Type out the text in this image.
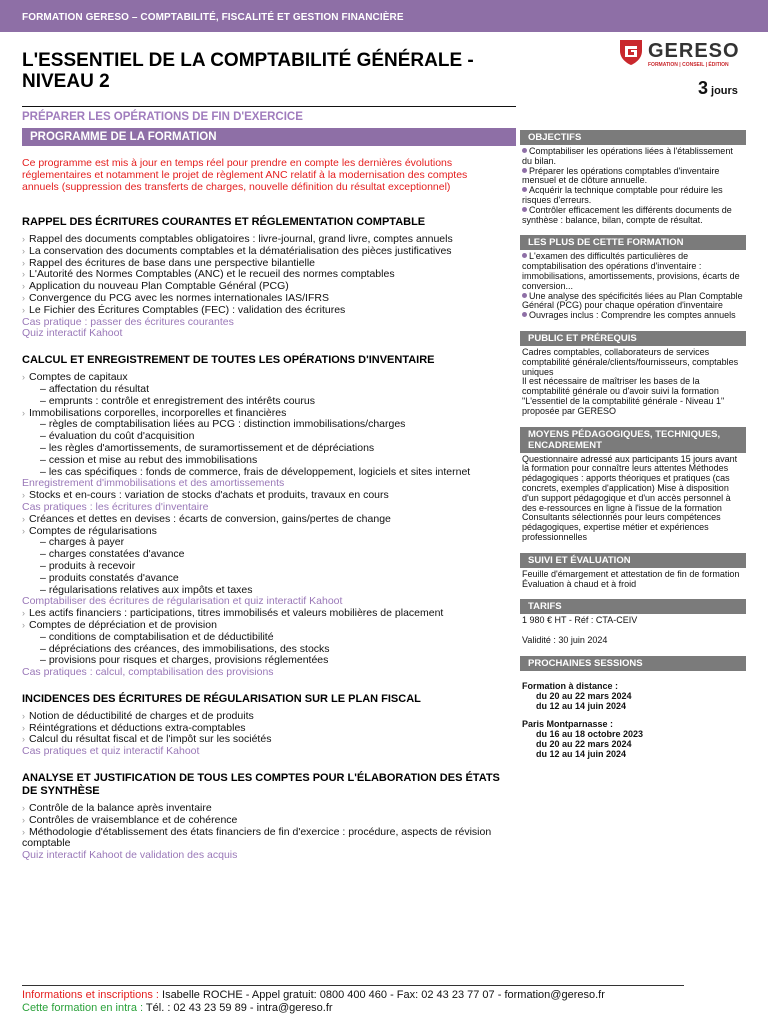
FORMATION GERESO – COMPTABILITÉ, FISCALITÉ ET GESTION FINANCIÈRE
L'ESSENTIEL DE LA COMPTABILITÉ GÉNÉRALE -
NIVEAU 2
GERESO
FORMATION | CONSEIL | ÉDITION
3 jours
PRÉPARER LES OPÉRATIONS DE FIN D'EXERCICE
PROGRAMME DE LA FORMATION
Ce programme est mis à jour en temps réel pour prendre en compte les dernières évolutions réglementaires et notamment le projet de règlement ANC relatif à la modernisation des comptes annuels (suppression des transferts de charges, nouvelle définition du résultat exceptionnel)
RAPPEL DES ÉCRITURES COURANTES ET RÉGLEMENTATION COMPTABLE
› Rappel des documents comptables obligatoires : livre-journal, grand livre, comptes annuels
› La conservation des documents comptables et la dématérialisation des pièces justificatives
› Rappel des écritures de base dans une perspective bilantielle
› L'Autorité des Normes Comptables (ANC) et le recueil des normes comptables
› Application du nouveau Plan Comptable Général (PCG)
› Convergence du PCG avec les normes internationales IAS/IFRS
› Le Fichier des Écritures Comptables (FEC) : validation des écritures
Cas pratique : passer des écritures courantes
Quiz interactif Kahoot
CALCUL ET ENREGISTREMENT DE TOUTES LES OPÉRATIONS D'INVENTAIRE
› Comptes de capitaux
– affectation du résultat
– emprunts : contrôle et enregistrement des intérêts courus
› Immobilisations corporelles, incorporelles et financières
– règles de comptabilisation liées au PCG : distinction immobilisations/charges
– évaluation du coût d'acquisition
– les règles d'amortissements, de suramortissement et de dépréciations
– cession et mise au rebut des immobilisations
– les cas spécifiques : fonds de commerce, frais de développement, logiciels et sites internet
Enregistrement d'immobilisations et des amortissements
› Stocks et en-cours : variation de stocks d'achats et produits, travaux en cours
Cas pratiques : les écritures d'inventaire
› Créances et dettes en devises : écarts de conversion, gains/pertes de change
› Comptes de régularisations
– charges à payer
– charges constatées d'avance
– produits à recevoir
– produits constatés d'avance
– régularisations relatives aux impôts et taxes
Comptabiliser des écritures de régularisation et quiz interactif Kahoot
› Les actifs financiers : participations, titres immobilisés et valeurs mobilières de placement
› Comptes de dépréciation et de provision
– conditions de comptabilisation et de déductibilité
– dépréciations des créances, des immobilisations, des stocks
– provisions pour risques et charges, provisions réglementées
Cas pratiques : calcul, comptabilisation des provisions
INCIDENCES DES ÉCRITURES DE RÉGULARISATION SUR LE PLAN FISCAL
› Notion de déductibilité de charges et de produits
› Réintégrations et déductions extra-comptables
› Calcul du résultat fiscal et de l'impôt sur les sociétés
Cas pratiques et quiz interactif Kahoot
ANALYSE ET JUSTIFICATION DE TOUS LES COMPTES POUR L'ÉLABORATION DES ÉTATS DE SYNTHÈSE
› Contrôle de la balance après inventaire
› Contrôles de vraisemblance et de cohérence
› Méthodologie d'établissement des états financiers de fin d'exercice : procédure, aspects de révision comptable
Quiz interactif Kahoot de validation des acquis
OBJECTIFS
Comptabiliser les opérations liées à l'établissement du bilan.
Préparer les opérations comptables d'inventaire mensuel et de clôture annuelle.
Acquérir la technique comptable pour réduire les risques d'erreurs.
Contrôler efficacement les différents documents de synthèse : balance, bilan, compte de résultat.
LES PLUS DE CETTE FORMATION
L'examen des difficultés particulières de comptabilisation des opérations d'inventaire : immobilisations, amortissements, provisions, écarts de conversion...
Une analyse des spécificités liées au Plan Comptable Général (PCG) pour chaque opération d'inventaire
Ouvrages inclus : Comprendre les comptes annuels
PUBLIC ET PRÉREQUIS
Cadres comptables, collaborateurs de services comptabilité générale/clients/fournisseurs, comptables uniques
Il est nécessaire de maîtriser les bases de la comptabilité générale ou d'avoir suivi la formation "L'essentiel de la comptabilité générale - Niveau 1" proposée par GERESO
MOYENS PÉDAGOGIQUES, TECHNIQUES, ENCADREMENT
Questionnaire adressé aux participants 15 jours avant la formation pour connaître leurs attentes Méthodes pédagogiques : apports théoriques et pratiques (cas concrets, exemples d'application) Mise à disposition d'un support pédagogique et d'un accès personnel à des e-ressources en ligne à l'issue de la formation Consultants sélectionnés pour leurs compétences pédagogiques, expertise métier et expériences professionnelles
SUIVI ET ÉVALUATION
Feuille d'émargement et attestation de fin de formation
Évaluation à chaud et à froid
TARIFS
1 980 € HT - Réf : CTA-CEIV
Validité : 30 juin 2024
PROCHAINES SESSIONS
Formation à distance :
du 20 au 22 mars 2024
du 12 au 14 juin 2024
Paris Montparnasse :
du 16 au 18 octobre 2023
du 20 au 22 mars 2024
du 12 au 14 juin 2024
Informations et inscriptions : Isabelle ROCHE - Appel gratuit: 0800 400 460 - Fax: 02 43 23 77 07 - formation@gereso.fr
Cette formation en intra : Tél. : 02 43 23 59 89 - intra@gereso.fr
